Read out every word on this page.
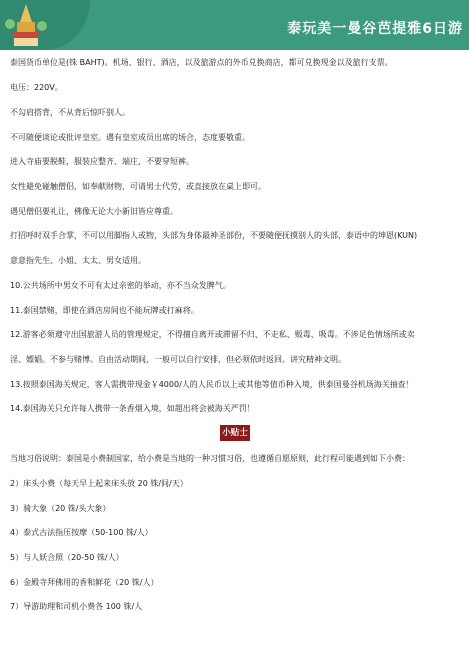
泰玩美一曼谷芭提雅6日游
泰国货币单位是(铢 BAHT)。机场、银行、酒店，以及旅游点的外币兑换商店，都可兑换现金以及旅行支票。
电压：220V。
不勾肩搭背，不从背后惊吓别人。
不可随便谈论或批评皇室。遇有皇室成员出席的场合，态度要敬重。
进入寺庙要脱鞋，服装应整齐、端庄，不要穿短裤。
女性避免碰触僧侣，如奉献财物，可请男士代劳，或直接放在桌上即可。
遇见僧侣要礼让，佛像无论大小新旧皆应尊重。
打招呼时双手合掌，不可以用脚指人或物，头部为身体最神圣部份，不要随便抚摸别人的头部，泰语中的坤恩(KUN)
意意指先生、小姐、太太、男女适用。
10.公共场所中男女不可有太过亲密的举动，亦不当众发脾气。
11.泰国禁赌，即使在酒店房间也不能玩牌或打麻将。
12.游客必须遵守出国旅游人员的管理规定，不得擅自离开或滞留不归、不走私、贩毒、吸毒。不涉足色情场所或卖
淫、嫖娼。不参与赌博。自由活动期间，一般可以自行安排，但必须依时返回。讲究精神文明。
13.按照泰国海关规定，客人需携带现金￥4000/人的人民币以上或其他等值币种入境，供泰国曼谷机场海关抽查！
14.泰国海关只允许每人携带一条香烟入境，如超出将会被海关严罚！
小贴士
当地习俗说明：泰国是小费制国家，给小费是当地的一种习惯习俗，也遵循自愿原则，此行程可能遇到如下小费：
2）床头小费（每天早上起来床头放 20 铢/间/天）
3）骑大象（20 铢/头大象）
4）泰式古法指压按摩（50-100 铢/人）
5）与人妖合照（20-50 铢/人）
6）金殿寺拜佛用的香和鲜花（20 铢/人）
7）导游助理和司机小费各 100 铢/人
